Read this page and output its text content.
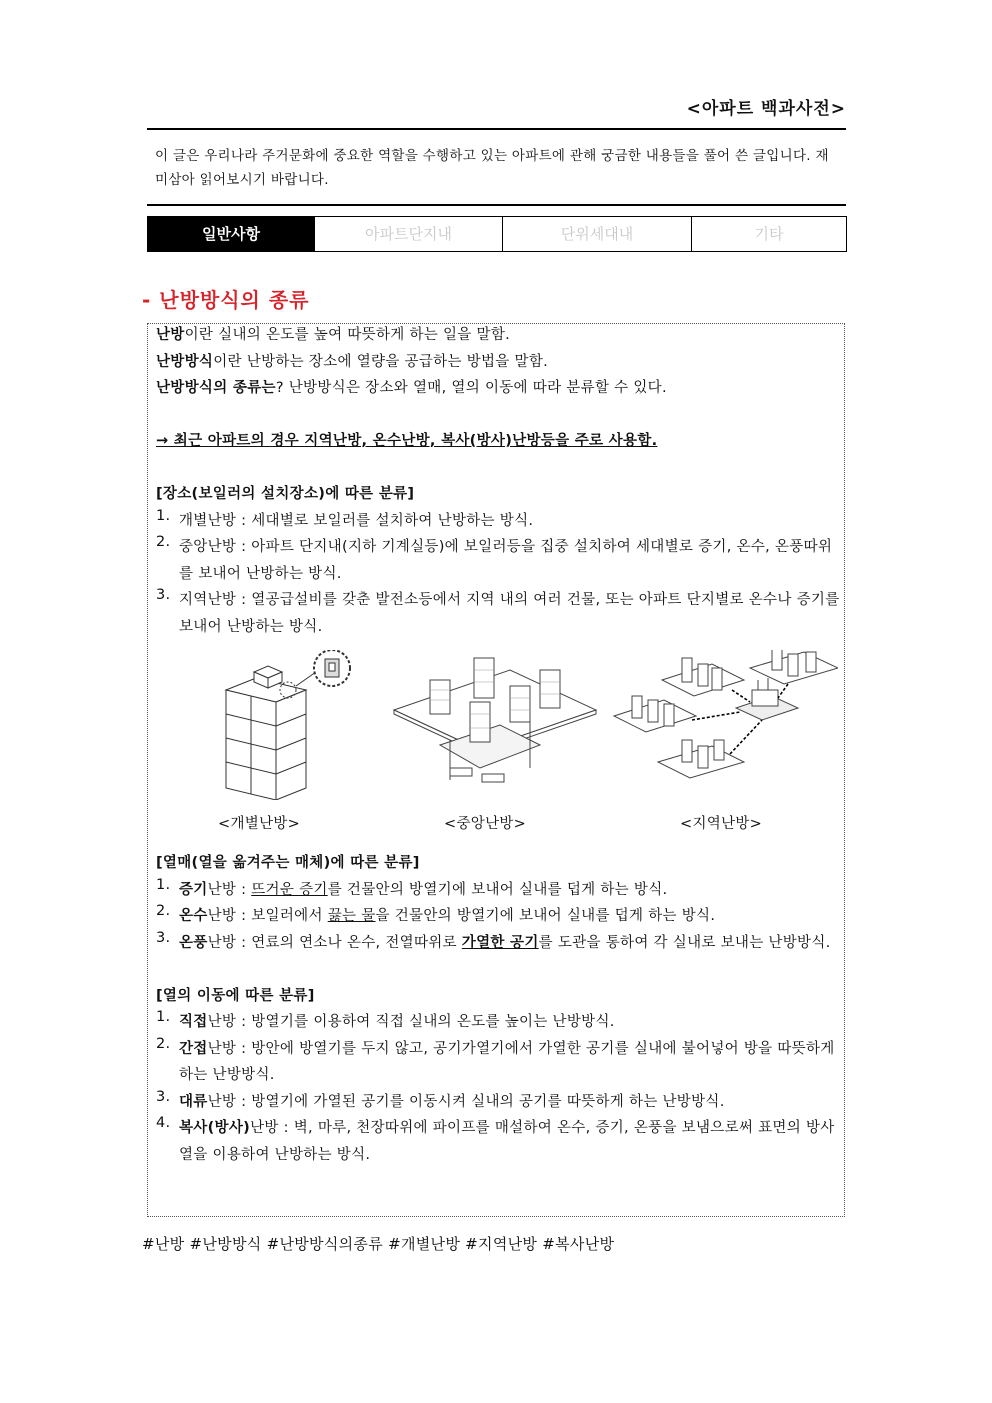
<아파트 백과사전>
이 글은 우리나라 주거문화에 중요한 역할을 수행하고 있는 아파트에 관해 궁금한 내용들을 풀어 쓴 글입니다. 재미삼아 읽어보시기 바랍니다.
일반사항	아파트단지내	단위세대내	기타
- 난방방식의 종류
난방이란 실내의 온도를 높여 따뜻하게 하는 일을 말함.
난방방식이란 난방하는 장소에 열량을 공급하는 방법을 말함.
난방방식의 종류는? 난방방식은 장소와 열매, 열의 이동에 따라 분류할 수 있다.
→ 최근 아파트의 경우 지역난방, 온수난방, 복사(방사)난방등을 주로 사용함.
[장소(보일러의 설치장소)에 따른 분류]
1. 개별난방 : 세대별로 보일러를 설치하여 난방하는 방식.
2. 중앙난방 : 아파트 단지내(지하 기계실등)에 보일러등을 집중 설치하여 세대별로 증기, 온수, 온풍따위를 보내어 난방하는 방식.
3. 지역난방 : 열공급설비를 갖춘 발전소등에서 지역 내의 여러 건물, 또는 아파트 단지별로 온수나 증기를 보내어 난방하는 방식.
<개별난방>	<중앙난방>	<지역난방>
[열매(열을 옮겨주는 매체)에 따른 분류]
1. 증기난방 : 뜨거운 증기를 건물안의 방열기에 보내어 실내를 덥게 하는 방식.
2. 온수난방 : 보일러에서 끓는 물을 건물안의 방열기에 보내어 실내를 덥게 하는 방식.
3. 온풍난방 : 연료의 연소나 온수, 전열따위로 가열한 공기를 도관을 통하여 각 실내로 보내는 난방방식.
[열의 이동에 따른 분류]
1. 직접난방 : 방열기를 이용하여 직접 실내의 온도를 높이는 난방방식.
2. 간접난방 : 방안에 방열기를 두지 않고, 공기가열기에서 가열한 공기를 실내에 불어넣어 방을 따뜻하게 하는 난방방식.
3. 대류난방 : 방열기에 가열된 공기를 이동시켜 실내의 공기를 따뜻하게 하는 난방방식.
4. 복사(방사)난방 : 벽, 마루, 천장따위에 파이프를 매설하여 온수, 증기, 온풍을 보냄으로써 표면의 방사열을 이용하여 난방하는 방식.
#난방 #난방방식 #난방방식의종류 #개별난방 #지역난방 #복사난방
